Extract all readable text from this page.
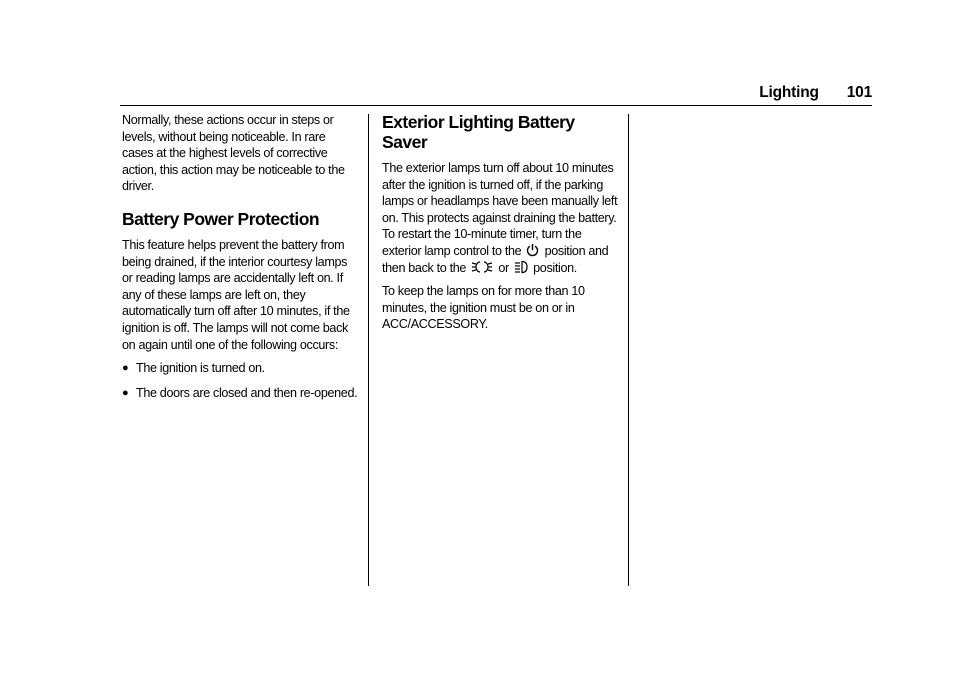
Lighting 101

Normally, these actions occur in steps or levels, without being noticeable. In rare cases at the highest levels of corrective action, this action may be noticeable to the driver.

Battery Power Protection

This feature helps prevent the battery from being drained, if the interior courtesy lamps or reading lamps are accidentally left on. If any of these lamps are left on, they automatically turn off after 10 minutes, if the ignition is off. The lamps will not come back on again until one of the following occurs:

● The ignition is turned on.
● The doors are closed and then re-opened.
Exterior Lighting Battery Saver

The exterior lamps turn off about 10 minutes after the ignition is turned off, if the parking lamps or headlamps have been manually left on. This protects against draining the battery. To restart the 10-minute timer, turn the exterior lamp control to the position and then back to the	or position.

To keep the lamps on for more than 10 minutes, the ignition must be on or in ACC/ACCESSORY.
